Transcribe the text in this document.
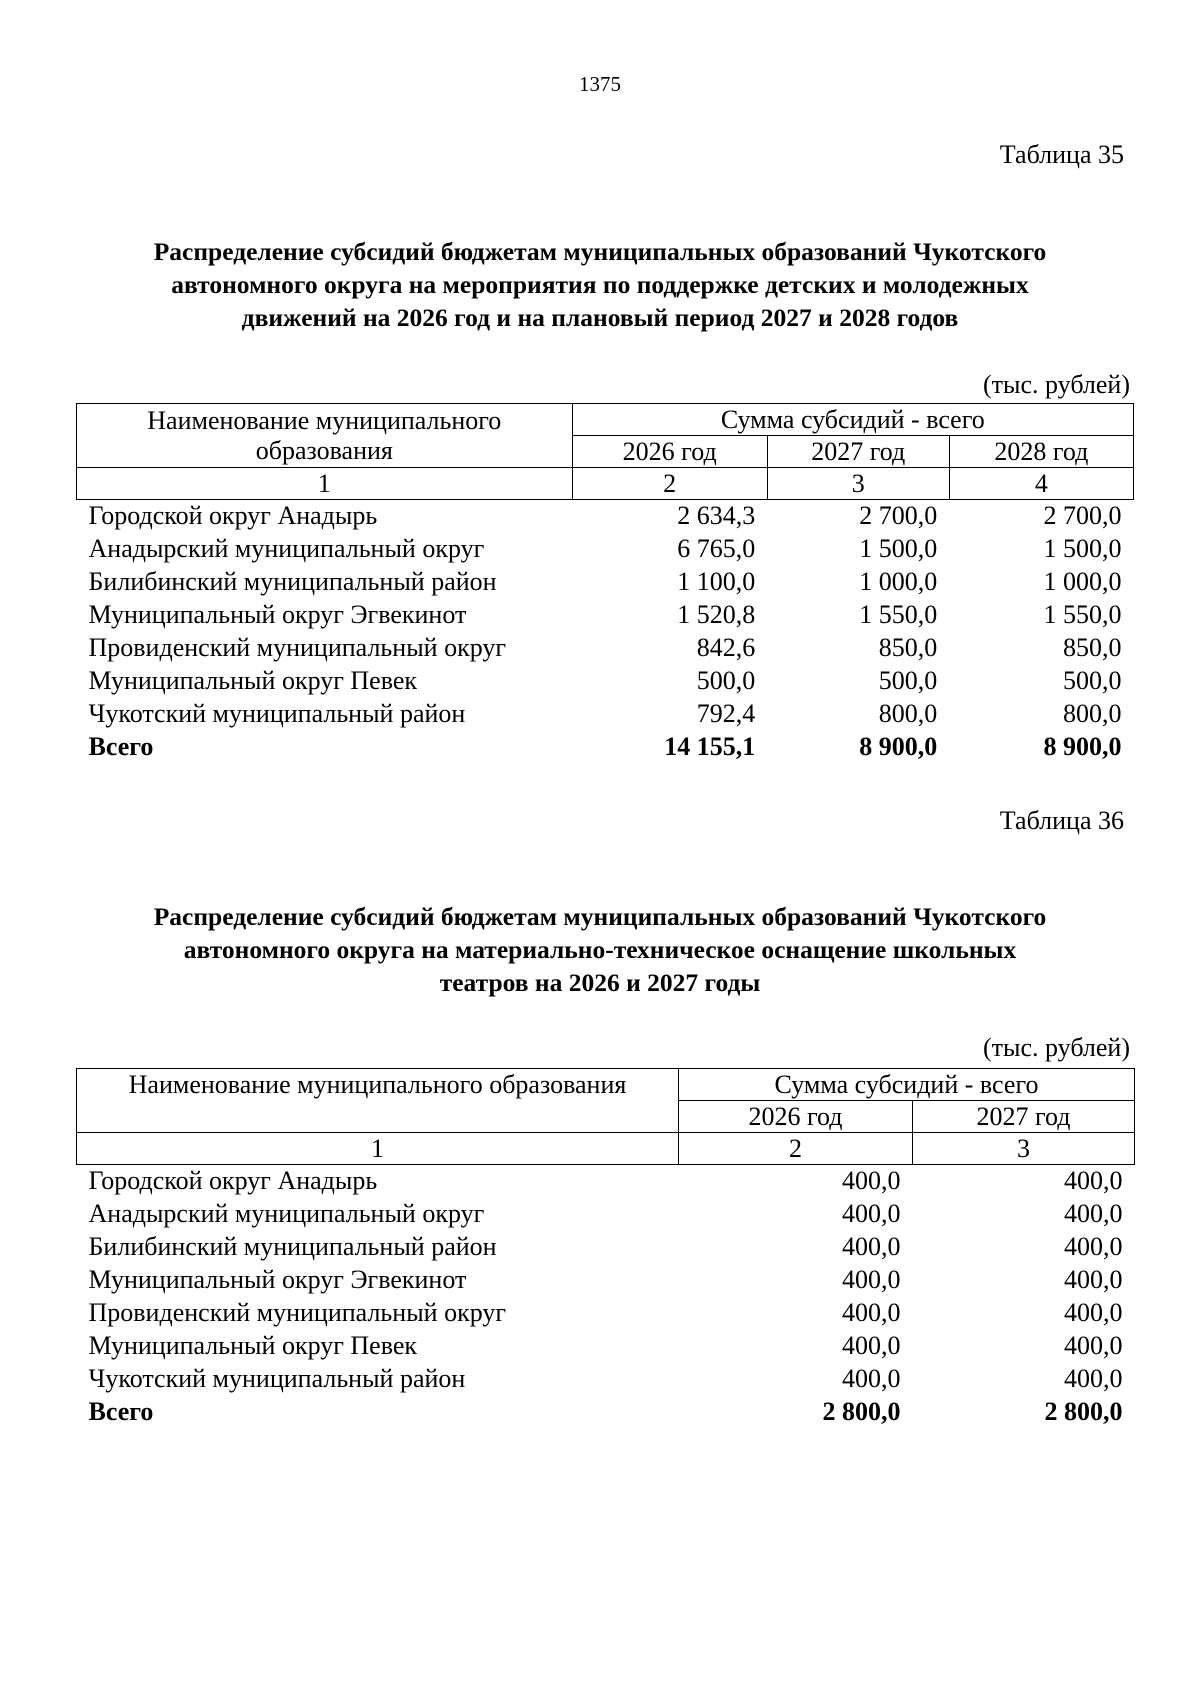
1375
Таблица 35
Распределение субсидий бюджетам муниципальных образований Чукотского
автономного округа на мероприятия по поддержке детских и молодежных
движений на 2026 год и на плановый период 2027 и 2028 годов
(тыс. рублей)
Наименование муниципального
образования	Сумма субсидий - всего		
	2026 год	2027 год	2028 год
1	2	3	4
Городской округ Анадырь	2 634,3	2 700,0	2 700,0
Анадырский муниципальный округ	6 765,0	1 500,0	1 500,0
Билибинский муниципальный район	1 100,0	1 000,0	1 000,0
Муниципальный округ Эгвекинот	1 520,8	1 550,0	1 550,0
Провиденский муниципальный округ	842,6	850,0	850,0
Муниципальный округ Певек	500,0	500,0	500,0
Чукотский муниципальный район	792,4	800,0	800,0
Всего	14 155,1	8 900,0	8 900,0
Таблица 36
Распределение субсидий бюджетам муниципальных образований Чукотского
автономного округа на материально-техническое оснащение школьных
театров на 2026 и 2027 годы
(тыс. рублей)
Наименование муниципального образования	Сумма субсидий - всего	
	2026 год	2027 год
1	2	3
Городской округ Анадырь	400,0	400,0
Анадырский муниципальный округ	400,0	400,0
Билибинский муниципальный район	400,0	400,0
Муниципальный округ Эгвекинот	400,0	400,0
Провиденский муниципальный округ	400,0	400,0
Муниципальный округ Певек	400,0	400,0
Чукотский муниципальный район	400,0	400,0
Всего	2 800,0	2 800,0
